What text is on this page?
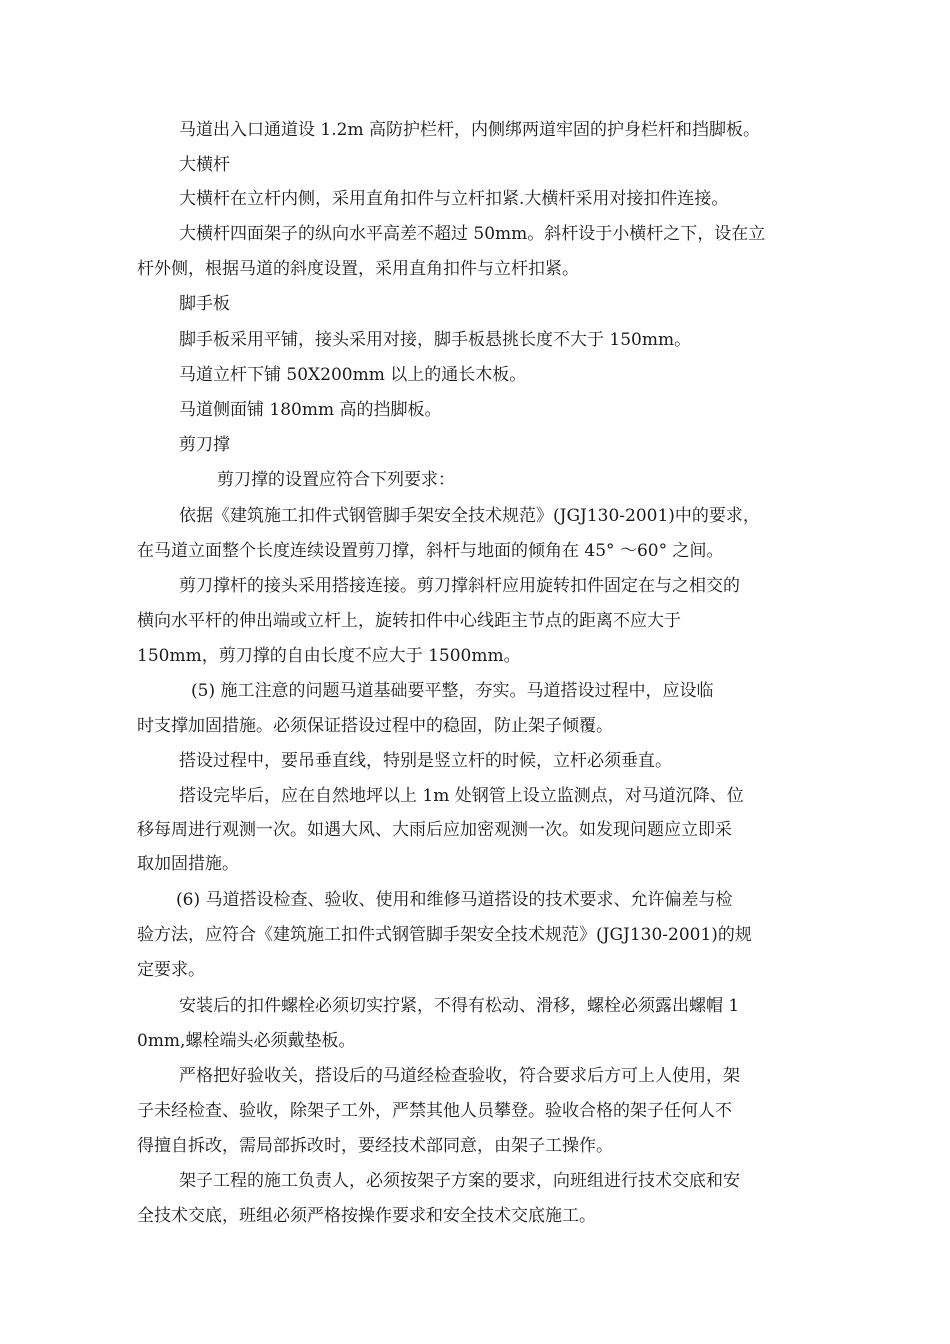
马道出入口通道设 1.2m 高防护栏杆，内侧绑两道牢固的护身栏杆和挡脚板。
大横杆
大横杆在立杆内侧，采用直角扣件与立杆扣紧.大横杆采用对接扣件连接。
大横杆四面架子的纵向水平高差不超过 50mm。斜杆设于小横杆之下，设在立
杆外侧，根据马道的斜度设置，采用直角扣件与立杆扣紧。
脚手板
脚手板采用平铺，接头采用对接，脚手板悬挑长度不大于 150mm。
马道立杆下铺 50X200mm 以上的通长木板。
马道侧面铺 180mm 高的挡脚板。
剪刀撑
剪刀撑的设置应符合下列要求：
依据《建筑施工扣件式钢管脚手架安全技术规范》(JGJ130-2001)中的要求，
在马道立面整个长度连续设置剪刀撑，斜杆与地面的倾角在 45° ～60° 之间。
剪刀撑杆的接头采用搭接连接。剪刀撑斜杆应用旋转扣件固定在与之相交的
横向水平杆的伸出端或立杆上，旋转扣件中心线距主节点的距离不应大于
150mm，剪刀撑的自由长度不应大于 1500mm。
(5) 施工注意的问题马道基础要平整，夯实。马道搭设过程中，应设临
时支撑加固措施。必须保证搭设过程中的稳固，防止架子倾覆。
搭设过程中，要吊垂直线，特别是竖立杆的时候，立杆必须垂直。
搭设完毕后，应在自然地坪以上 1m 处钢管上设立监测点，对马道沉降、位
移每周进行观测一次。如遇大风、大雨后应加密观测一次。如发现问题应立即采
取加固措施。
(6) 马道搭设检查、验收、使用和维修马道搭设的技术要求、允许偏差与检
验方法，应符合《建筑施工扣件式钢管脚手架安全技术规范》(JGJ130-2001)的规
定要求。
安装后的扣件螺栓必须切实拧紧，不得有松动、滑移，螺栓必须露出螺帽 1
0mm,螺栓端头必须戴垫板。
严格把好验收关，搭设后的马道经检查验收，符合要求后方可上人使用，架
子未经检查、验收，除架子工外，严禁其他人员攀登。验收合格的架子任何人不
得擅自拆改，需局部拆改时，要经技术部同意，由架子工操作。
架子工程的施工负责人，必须按架子方案的要求，向班组进行技术交底和安
全技术交底，班组必须严格按操作要求和安全技术交底施工。
